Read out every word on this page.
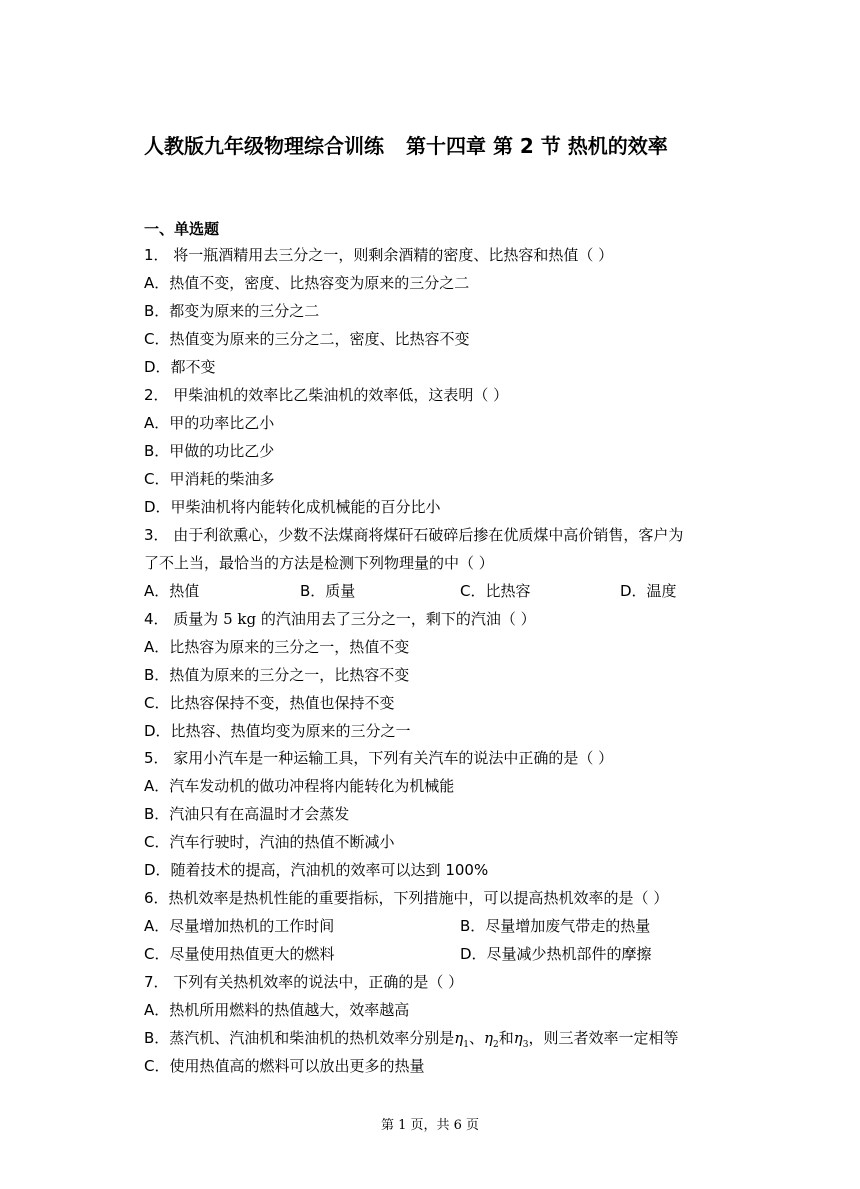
人教版九年级物理综合训练 第十四章 第 2 节 热机的效率
一、单选题
1． 将一瓶酒精用去三分之一，则剩余酒精的密度、比热容和热值（ ）
A．热值不变，密度、比热容变为原来的三分之二
B．都变为原来的三分之二
C．热值变为原来的三分之二，密度、比热容不变
D．都不变
2． 甲柴油机的效率比乙柴油机的效率低，这表明（ ）
A．甲的功率比乙小
B．甲做的功比乙少
C．甲消耗的柴油多
D．甲柴油机将内能转化成机械能的百分比小
3． 由于利欲熏心，少数不法煤商将煤矸石破碎后掺在优质煤中高价销售，客户为
了不上当，最恰当的方法是检测下列物理量的中（ ）
A．热值	B．质量	C．比热容	D．温度
4． 质量为 5 kg 的汽油用去了三分之一，剩下的汽油（ ）
A．比热容为原来的三分之一，热值不变
B．热值为原来的三分之一，比热容不变
C．比热容保持不变，热值也保持不变
D．比热容、热值均变为原来的三分之一
5． 家用小汽车是一种运输工具，下列有关汽车的说法中正确的是（ ）
A．汽车发动机的做功冲程将内能转化为机械能
B．汽油只有在高温时才会蒸发
C．汽车行驶时，汽油的热值不断减小
D．随着技术的提高，汽油机的效率可以达到 100%
6．热机效率是热机性能的重要指标，下列措施中，可以提高热机效率的是（ ）
A．尽量增加热机的工作时间	B．尽量增加废气带走的热量
C．尽量使用热值更大的燃料	D．尽量减少热机部件的摩擦
7． 下列有关热机效率的说法中，正确的是（ ）
A．热机所用燃料的热值越大，效率越高
B．蒸汽机、汽油机和柴油机的热机效率分别是$\eta_1$、$\eta_2$和$\eta_3$，则三者效率一定相等
C．使用热值高的燃料可以放出更多的热量
第 1 页，共 6 页
